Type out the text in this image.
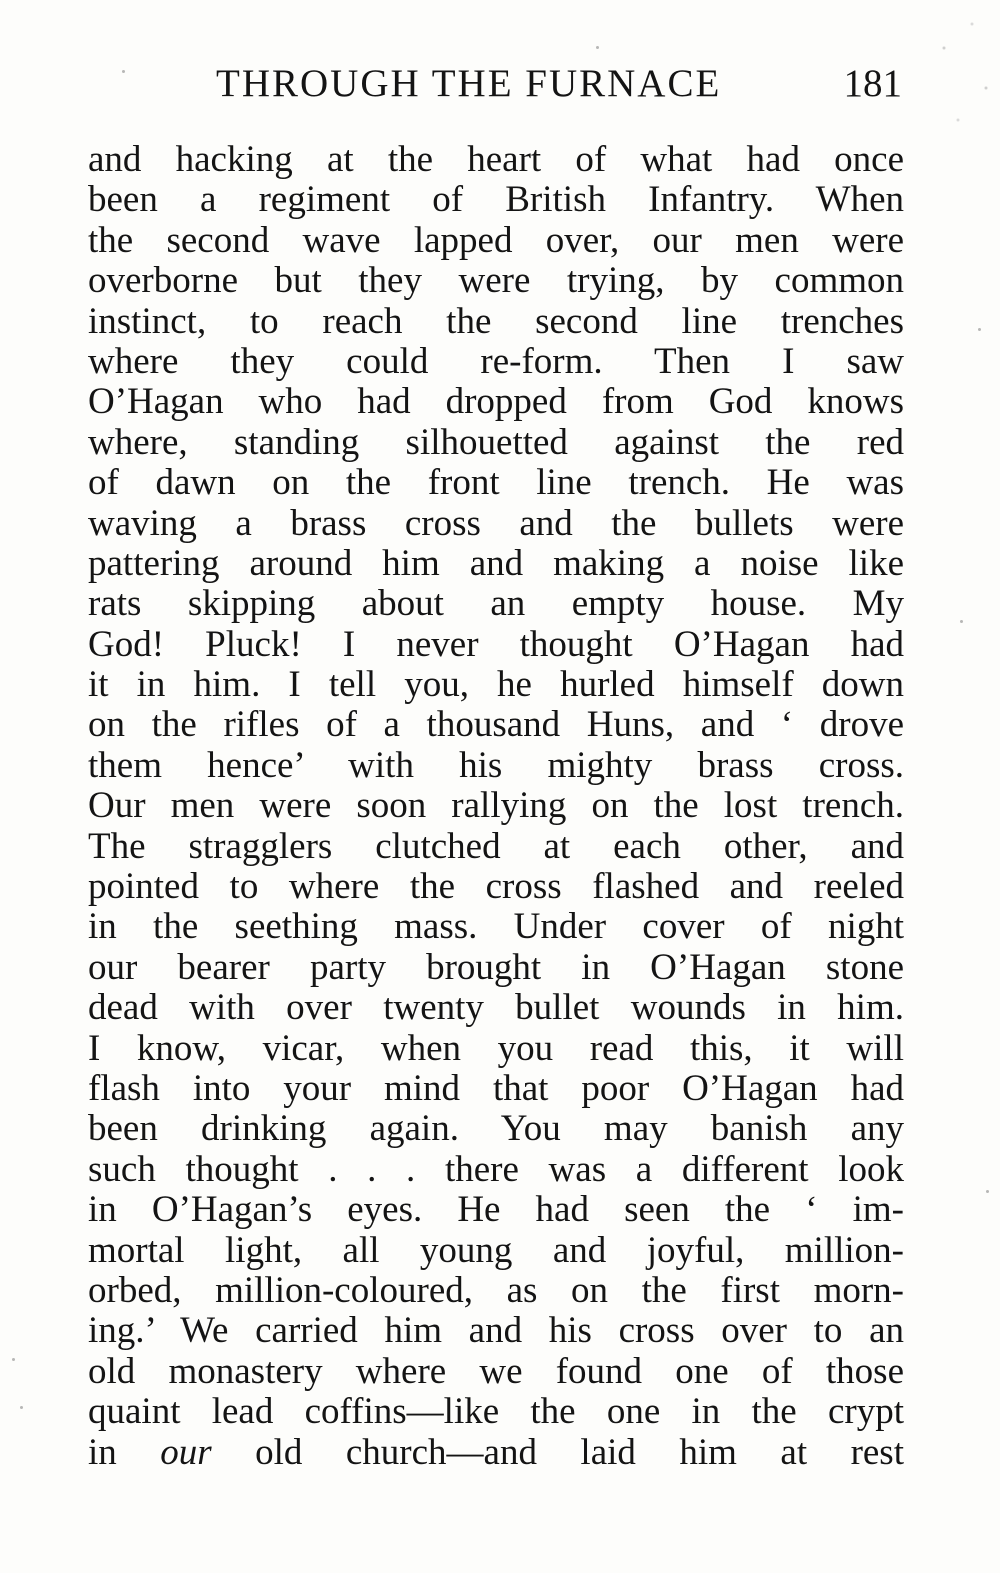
THROUGH THE FURNACE	181
and hacking at the heart of what had once
been a regiment of British Infantry. When
the second wave lapped over, our men were
overborne but they were trying, by common
instinct, to reach the second line trenches
where they could re-form. Then I saw
O’Hagan who had dropped from God knows
where, standing silhouetted against the red
of dawn on the front line trench. He was
waving a brass cross and the bullets were
pattering around him and making a noise like
rats skipping about an empty house. My
God! Pluck! I never thought O’Hagan had
it in him. I tell you, he hurled himself down
on the rifles of a thousand Huns, and ‘ drove
them hence’ with his mighty brass cross.
Our men were soon rallying on the lost trench.
The stragglers clutched at each other, and
pointed to where the cross flashed and reeled
in the seething mass. Under cover of night
our bearer party brought in O’Hagan stone
dead with over twenty bullet wounds in him.
I know, vicar, when you read this, it will
flash into your mind that poor O’Hagan had
been drinking again. You may banish any
such thought . . . there was a different look
in O’Hagan’s eyes. He had seen the ‘ im-
mortal light, all young and joyful, million-
orbed, million-coloured, as on the first morn-
ing.’ We carried him and his cross over to an
old monastery where we found one of those
quaint lead coffins—like the one in the crypt
in our old church—and laid him at rest
